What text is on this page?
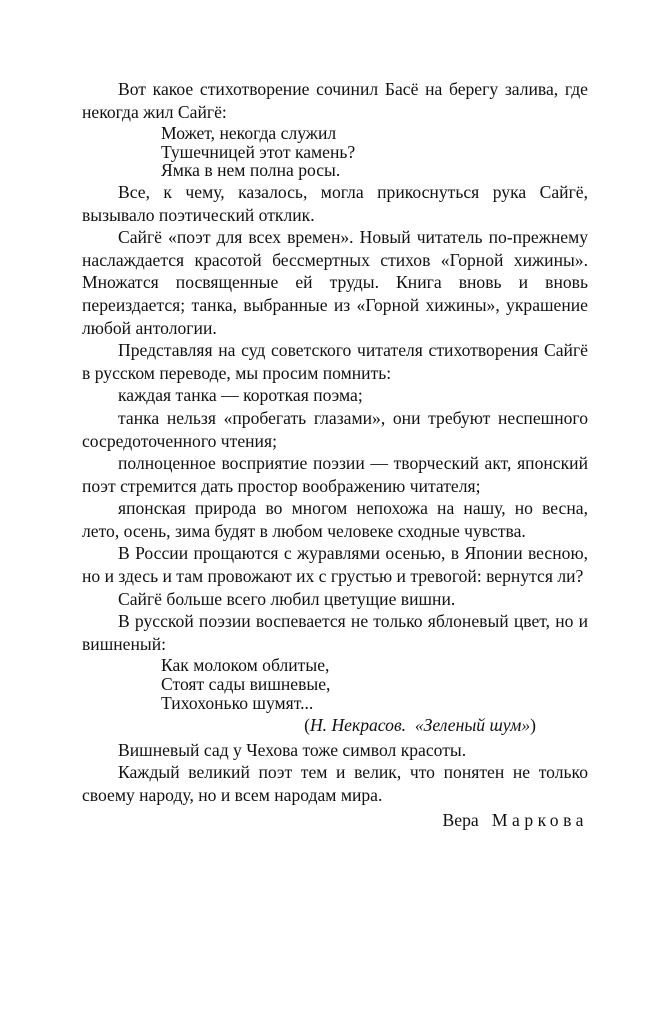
Вот какое стихотворение сочинил Басё на берегу залива, где некогда жил Сайгё:

Может, некогда служил
Тушечницей этот камень?
Ямка в нем полна росы.

Все, к чему, казалось, могла прикоснуться рука Сайгё, вызывало поэтический отклик.

Сайгё «поэт для всех времен». Новый читатель по-прежнему наслаждается красотой бессмертных стихов «Горной хижины». Множатся посвященные ей труды. Книга вновь и вновь переиздается; танка, выбранные из «Горной хижины», украшение любой антологии.

Представляя на суд советского читателя стихотворения Сайгё в русском переводе, мы просим помнить:

каждая танка — короткая поэма;

танка нельзя «пробегать глазами», они требуют неспешного сосредоточенного чтения;

полноценное восприятие поэзии — творческий акт, японский поэт стремится дать простор воображению читателя;

японская природа во многом непохожа на нашу, но весна, лето, осень, зима будят в любом человеке сходные чувства.

В России прощаются с журавлями осенью, в Японии весною, но и здесь и там провожают их с грустью и тревогой: вернутся ли?

Сайгё больше всего любил цветущие вишни.

В русской поэзии воспевается не только яблоневый цвет, но и вишненый:

Как молоком облитые,
Стоят сады вишневые,
Тихохонько шумят...
(Н. Некрасов. «Зеленый шум»)

Вишневый сад у Чехова тоже символ красоты.

Каждый великий поэт тем и велик, что понятен не только своему народу, но и всем народам мира.

Вера Маркова
